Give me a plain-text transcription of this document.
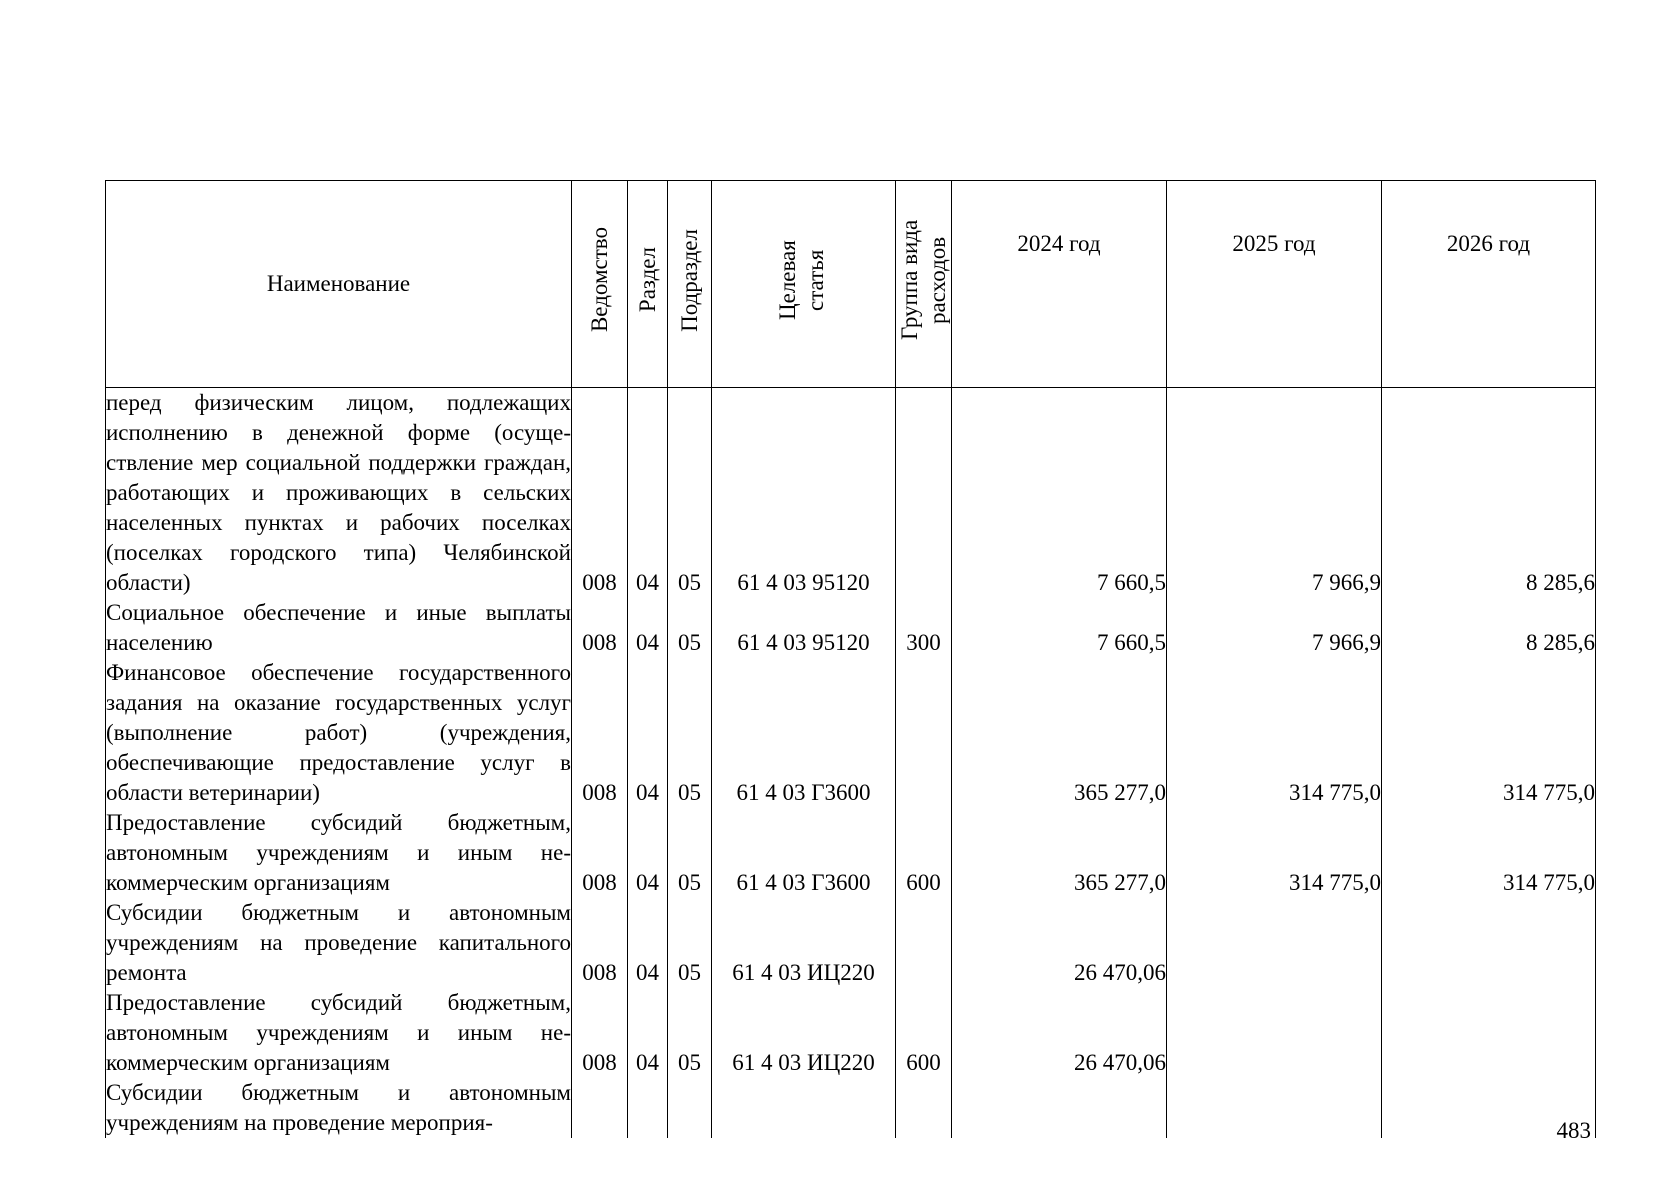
Наименование	Ведомство	Раздел	Подраздел	Целевая статья	Группа вида расходов	2024 год	2025 год	2026 год
перед физическим лицом, подлежащих исполнению в денежной форме (осуществление мер социальной поддержки граждан, работающих и проживающих в сельских населенных пунктах и рабочих поселках (поселках городского типа) Челябинской области)	008	04	05	61 4 03 95120		7 660,5	7 966,9	8 285,6
Социальное обеспечение и иные выплаты населению	008	04	05	61 4 03 95120	300	7 660,5	7 966,9	8 285,6
Финансовое обеспечение государственного задания на оказание государственных услуг (выполнение работ) (учреждения, обеспечивающие предоставление услуг в области ветеринарии)	008	04	05	61 4 03 Г3600		365 277,0	314 775,0	314 775,0
Предоставление субсидий бюджетным, автономным учреждениям и иным некоммерческим организациям	008	04	05	61 4 03 Г3600	600	365 277,0	314 775,0	314 775,0
Субсидии бюджетным и автономным учреждениям на проведение капитального ремонта	008	04	05	61 4 03 ИЦ220		26 470,06		
Предоставление субсидий бюджетным, автономным учреждениям и иным некоммерческим организациям	008	04	05	61 4 03 ИЦ220	600	26 470,06		
Субсидии бюджетным и автономным учреждениям на проведение мероприя-									483
